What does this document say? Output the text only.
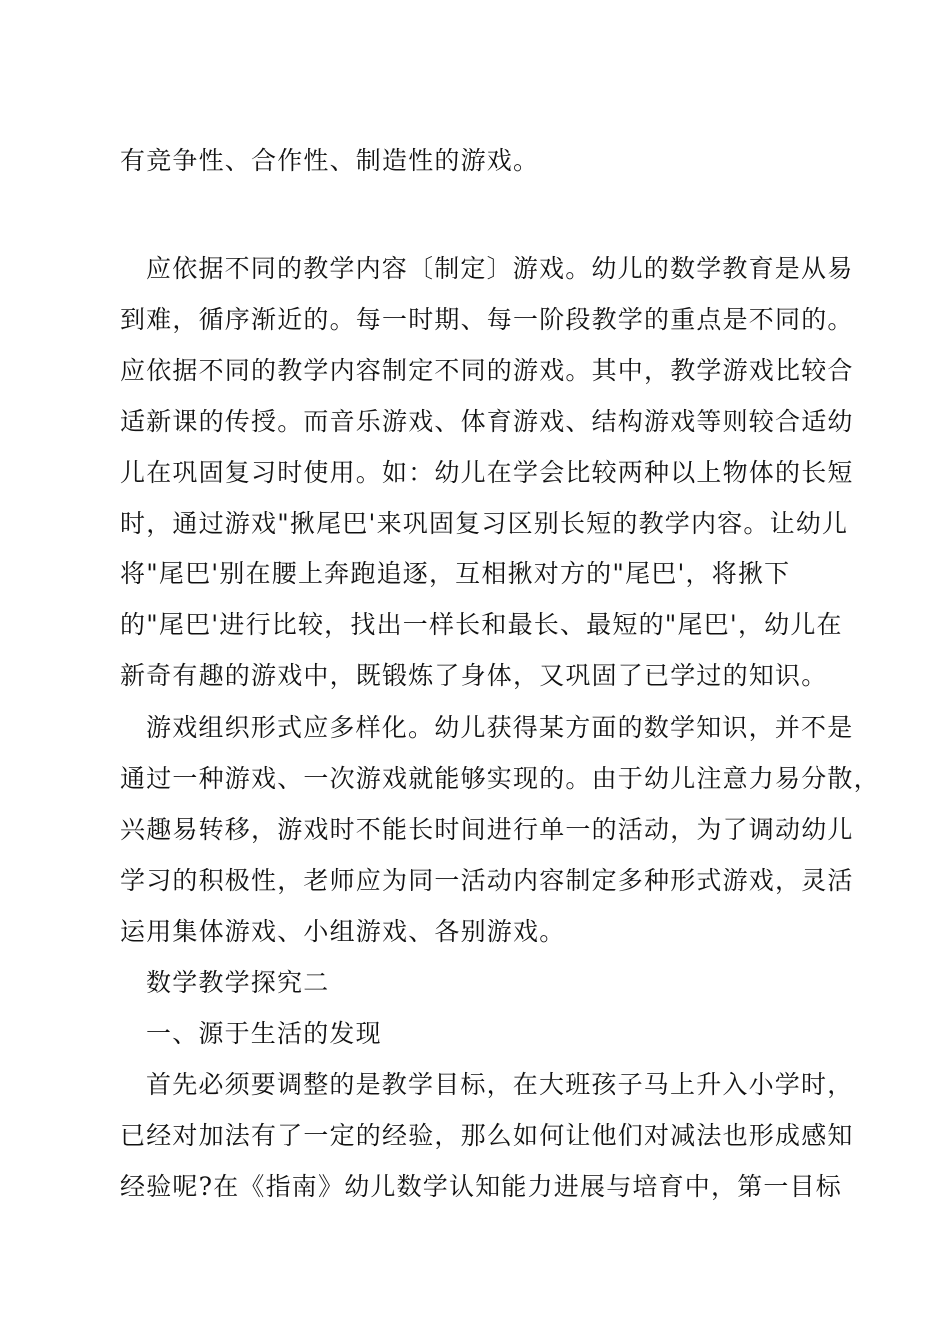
有竞争性、合作性、制造性的游戏。
应依据不同的教学内容〔制定〕游戏。幼儿的数学教育是从易
到难，循序渐近的。每一时期、每一阶段教学的重点是不同的。
应依据不同的教学内容制定不同的游戏。其中，教学游戏比较合
适新课的传授。而音乐游戏、体育游戏、结构游戏等则较合适幼
儿在巩固复习时使用。如：幼儿在学会比较两种以上物体的长短
时，通过游戏"揪尾巴'来巩固复习区别长短的教学内容。让幼儿
将"尾巴'别在腰上奔跑追逐，互相揪对方的"尾巴'，将揪下
的"尾巴'进行比较，找出一样长和最长、最短的"尾巴'，幼儿在
新奇有趣的游戏中，既锻炼了身体，又巩固了已学过的知识。
游戏组织形式应多样化。幼儿获得某方面的数学知识，并不是
通过一种游戏、一次游戏就能够实现的。由于幼儿注意力易分散，
兴趣易转移，游戏时不能长时间进行单一的活动，为了调动幼儿
学习的积极性，老师应为同一活动内容制定多种形式游戏，灵活
运用集体游戏、小组游戏、各别游戏。
数学教学探究二
一、源于生活的发现
首先必须要调整的是教学目标，在大班孩子马上升入小学时，
已经对加法有了一定的经验，那么如何让他们对减法也形成感知
经验呢?在《指南》幼儿数学认知能力进展与培育中，第一目标
